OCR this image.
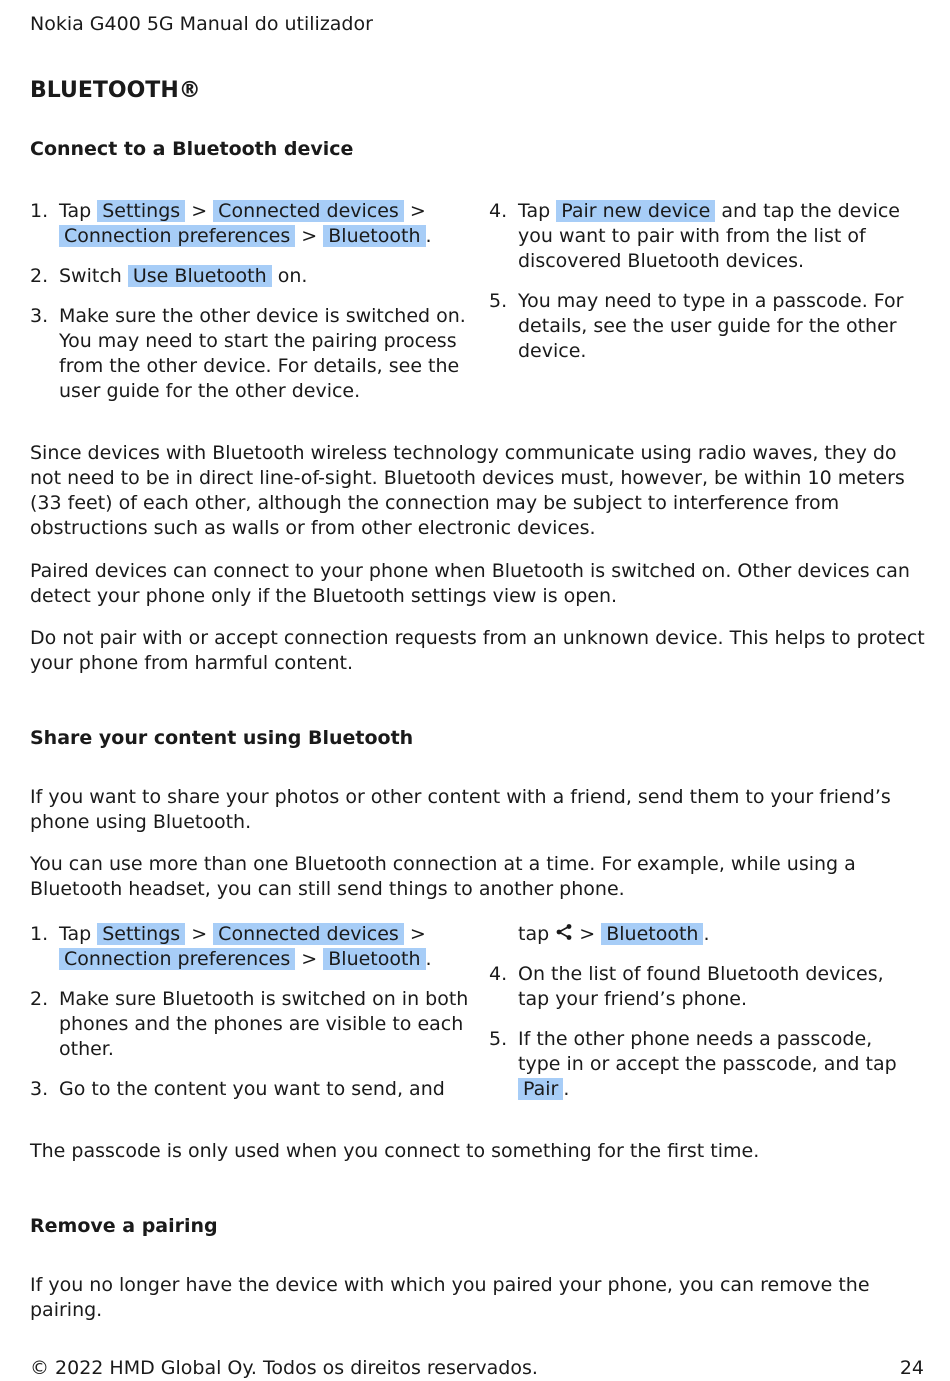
Nokia G400 5G Manual do utilizador
BLUETOOTH®
Connect to a Bluetooth device
1. Tap Settings > Connected devices > Connection preferences > Bluetooth .
2. Switch Use Bluetooth on.
3. Make sure the other device is switched on. You may need to start the pairing process from the other device. For details, see the user guide for the other device.
4. Tap Pair new device and tap the device you want to pair with from the list of discovered Bluetooth devices.
5. You may need to type in a passcode. For details, see the user guide for the other device.
Since devices with Bluetooth wireless technology communicate using radio waves, they do not need to be in direct line-of-sight. Bluetooth devices must, however, be within 10 meters (33 feet) of each other, although the connection may be subject to interference from obstructions such as walls or from other electronic devices.
Paired devices can connect to your phone when Bluetooth is switched on. Other devices can detect your phone only if the Bluetooth settings view is open.
Do not pair with or accept connection requests from an unknown device. This helps to protect your phone from harmful content.
Share your content using Bluetooth
If you want to share your photos or other content with a friend, send them to your friend’s phone using Bluetooth.
You can use more than one Bluetooth connection at a time. For example, while using a Bluetooth headset, you can still send things to another phone.
1. Tap Settings > Connected devices > Connection preferences > Bluetooth .
2. Make sure Bluetooth is switched on in both phones and the phones are visible to each other.
3. Go to the content you want to send, and
tap > Bluetooth .
4. On the list of found Bluetooth devices, tap your friend’s phone.
5. If the other phone needs a passcode, type in or accept the passcode, and tap Pair .
The passcode is only used when you connect to something for the first time.
Remove a pairing
If you no longer have the device with which you paired your phone, you can remove the pairing.
© 2022 HMD Global Oy. Todos os direitos reservados.	24
